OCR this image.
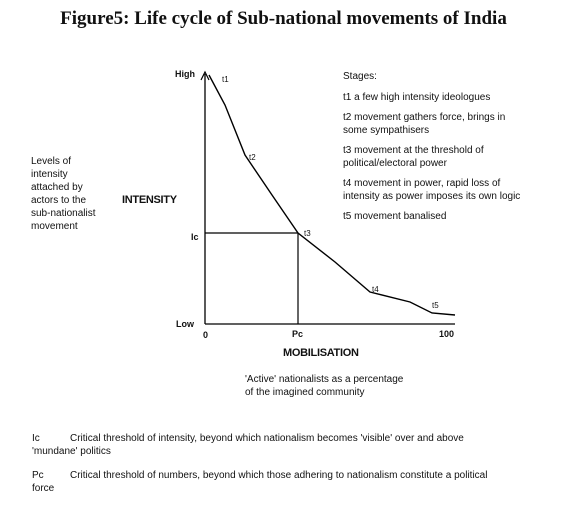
Figure5: Life cycle of Sub-national movements of India
Levels of
intensity
attached by
actors to the
sub-nationalist
movement
INTENSITY
High
Ic
Low
0	Pc	100
MOBILISATION
t1
t2
t3
t4
t5
Stages:
t1 a few high intensity ideologues
t2 movement gathers force, brings in
some sympathisers
t3 movement at the threshold of
political/electoral power
t4 movement in power, rapid loss of
intensity as power imposes its own logic
t5 movement banalised
'Active' nationalists as a percentage
of the imagined community
Ic	Critical threshold of intensity, beyond which nationalism becomes 'visible' over and above
'mundane' politics
Pc	Critical threshold of numbers, beyond which those adhering to nationalism constitute a political
force
